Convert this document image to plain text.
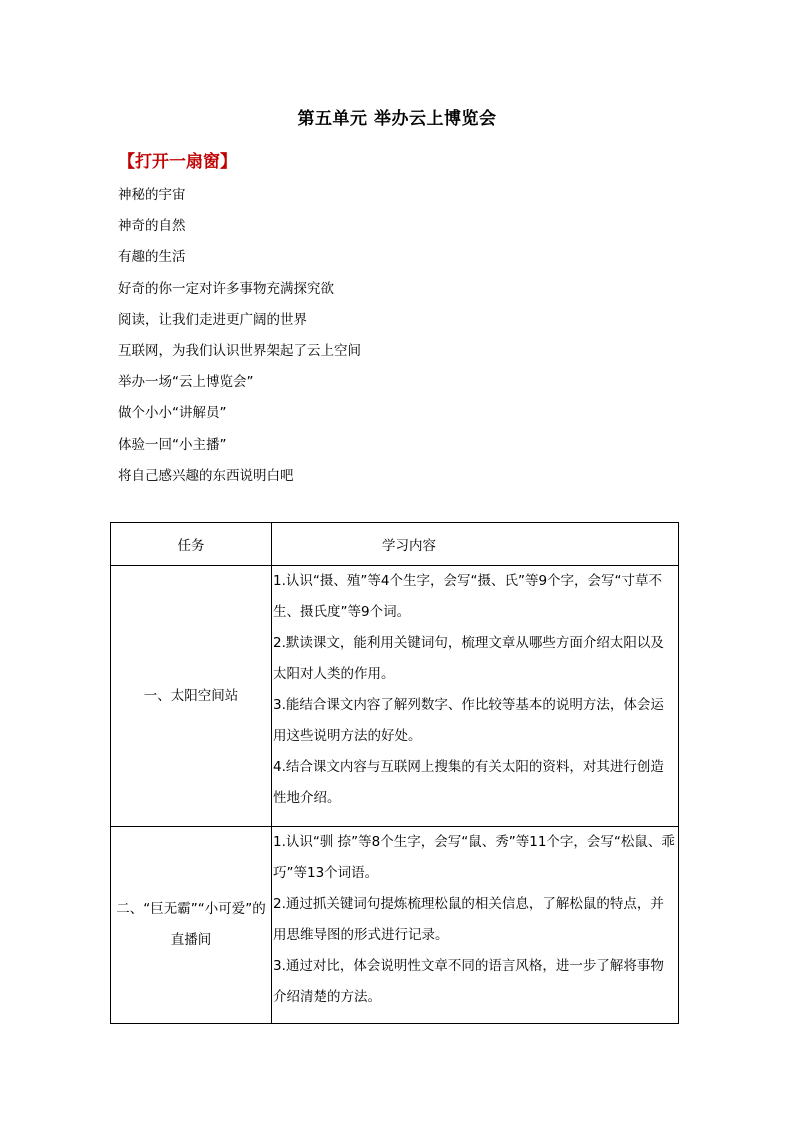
第五单元 举办云上博览会
【打开一扇窗】
神秘的宇宙
神奇的自然
有趣的生活
好奇的你一定对许多事物充满探究欲
阅读，让我们走进更广阔的世界
互联网，为我们认识世界架起了云上空间
举办一场“云上博览会”
做个小小“讲解员”
体验一回“小主播”
将自己感兴趣的东西说明白吧
任务	学习内容
一、太阳空间站	1.认识“摄、殖”等4个生字，会写“摄、氏”等9个字，会写“寸草不生、摄氏度”等9个词。

2.默读课文，能利用关键词句，梳理文章从哪些方面介绍太阳以及太阳对人类的作用。

3.能结合课文内容了解列数字、作比较等基本的说明方法，体会运用这些说明方法的好处。

4.结合课文内容与互联网上搜集的有关太阳的资料，对其进行创造性地介绍。

二、“巨无霸”“小可爱”的直播间	1.认识“驯 捺”等8个生字，会写“鼠、秀”等11个字，会写“松鼠、乖巧”等13个词语。

2.通过抓关键词句提炼梳理松鼠的相关信息，了解松鼠的特点，并用思维导图的形式进行记录。

3.通过对比，体会说明性文章不同的语言风格，进一步了解将事物介绍清楚的方法。
